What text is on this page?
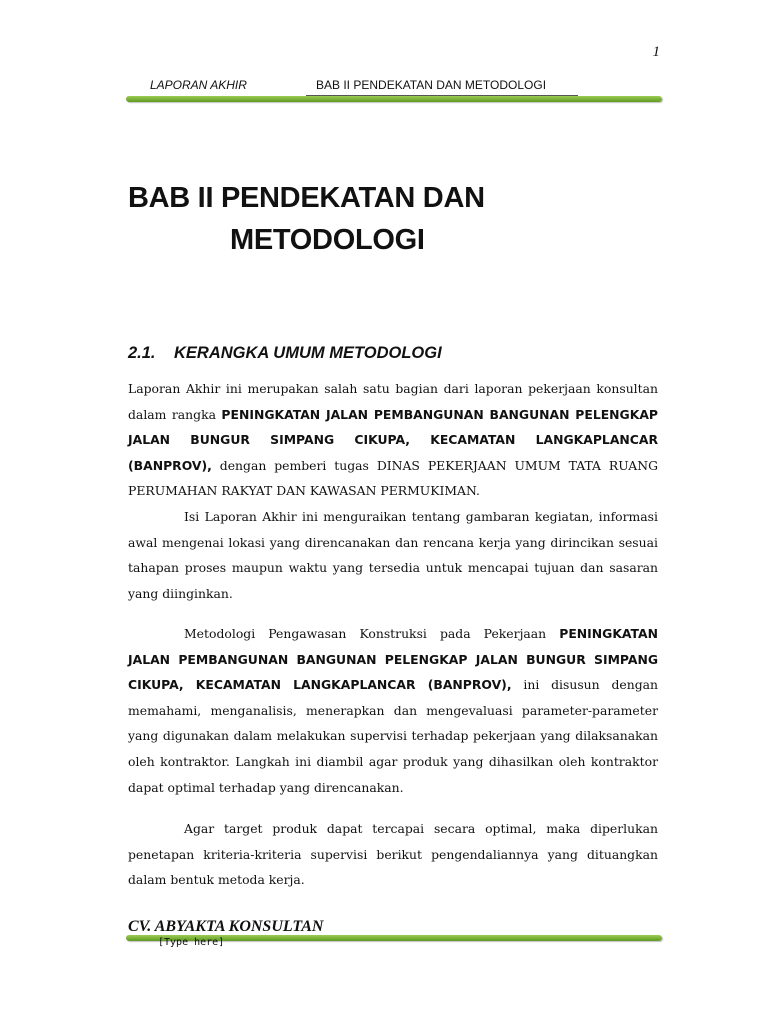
1
LAPORAN AKHIR	BAB II PENDEKATAN DAN METODOLOGI
BAB II PENDEKATAN DAN
METODOLOGI
2.1. KERANGKA UMUM METODOLOGI

Laporan Akhir ini merupakan salah satu bagian dari laporan pekerjaan konsultan dalam rangka PENINGKATAN JALAN PEMBANGUNAN BANGUNAN PELENGKAP JALAN BUNGUR SIMPANG CIKUPA, KECAMATAN LANGKAPLANCAR (BANPROV), dengan pemberi tugas DINAS PEKERJAAN UMUM TATA RUANG PERUMAHAN RAKYAT DAN KAWASAN PERMUKIMAN.

Isi Laporan Akhir ini menguraikan tentang gambaran kegiatan, informasi awal mengenai lokasi yang direncanakan dan rencana kerja yang dirincikan sesuai tahapan proses maupun waktu yang tersedia untuk mencapai tujuan dan sasaran yang diinginkan.

Metodologi Pengawasan Konstruksi pada Pekerjaan PENINGKATAN JALAN PEMBANGUNAN BANGUNAN PELENGKAP JALAN BUNGUR SIMPANG CIKUPA, KECAMATAN LANGKAPLANCAR (BANPROV), ini disusun dengan memahami, menganalisis, menerapkan dan mengevaluasi parameter-parameter yang digunakan dalam melakukan supervisi terhadap pekerjaan yang dilaksanakan oleh kontraktor. Langkah ini diambil agar produk yang dihasilkan oleh kontraktor dapat optimal terhadap yang direncanakan.

Agar target produk dapat tercapai secara optimal, maka diperlukan penetapan kriteria-kriteria supervisi berikut pengendaliannya yang dituangkan dalam bentuk metoda kerja.

CV. ABYAKTA KONSULTAN
[Type here]
